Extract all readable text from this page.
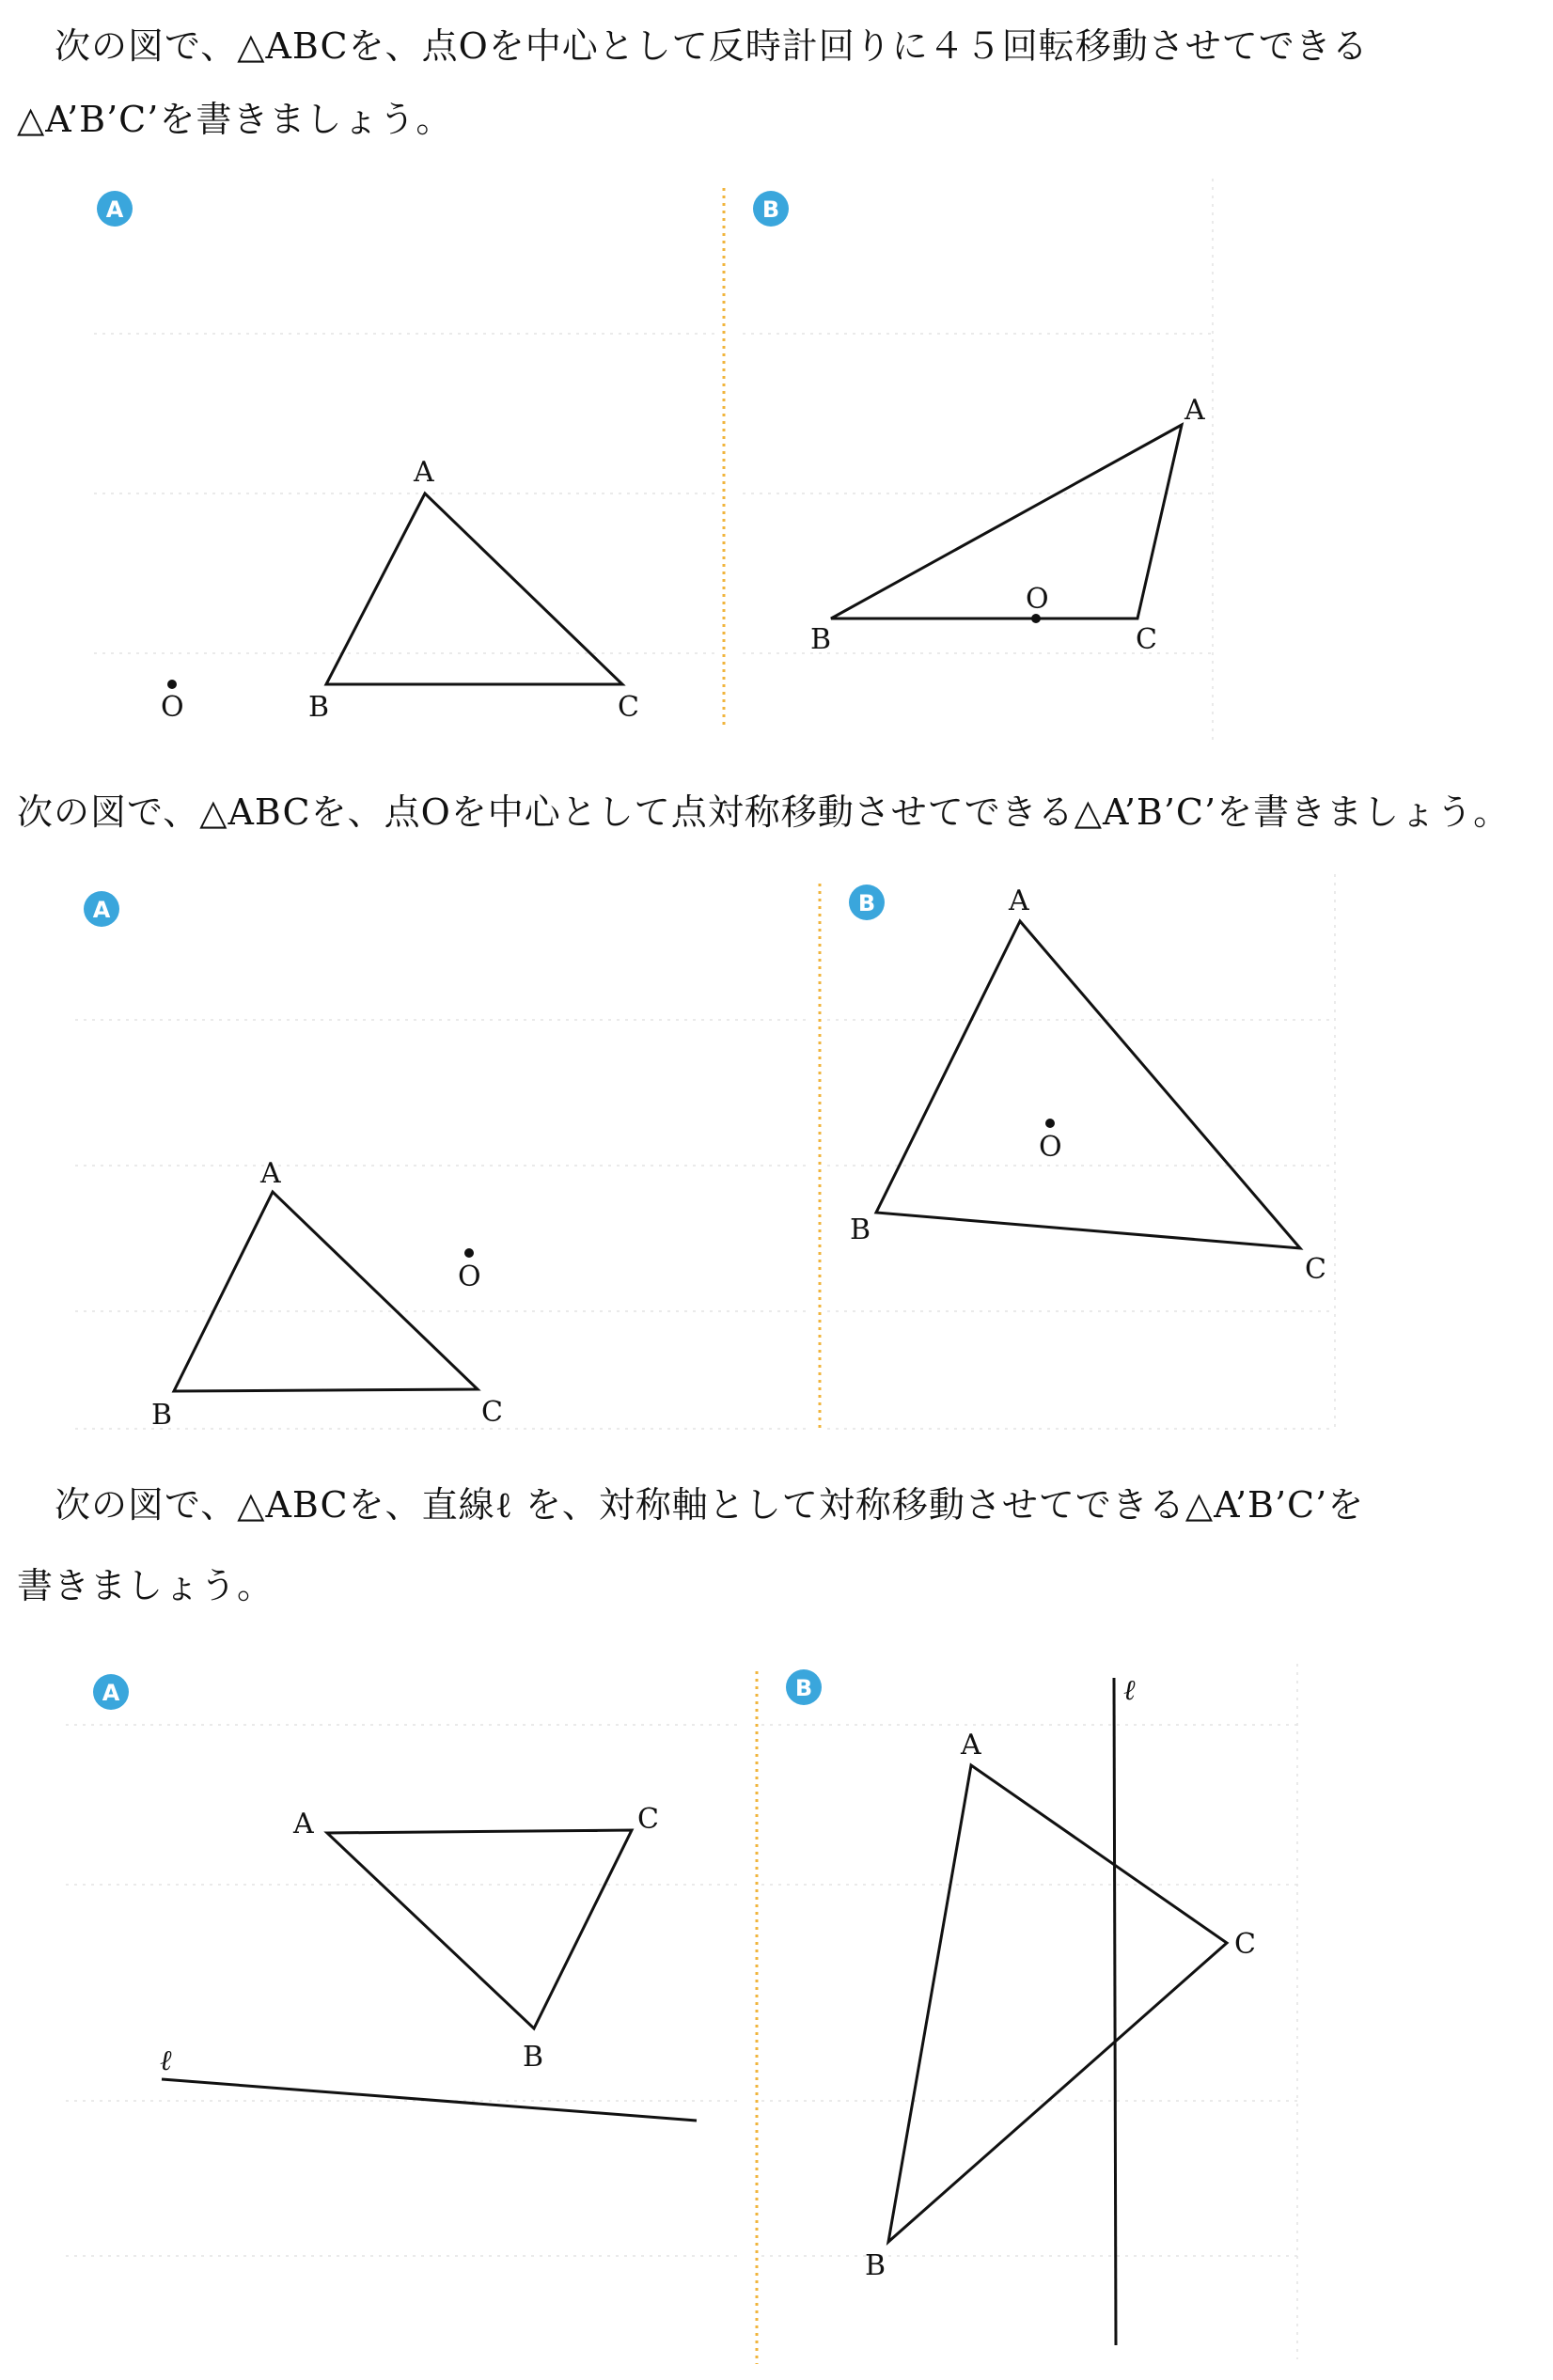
次の図で、△ABCを、点Oを中心として反時計回りに４５回転移動させてできる
△A’B’C’を書きましょう。
次の図で、△ABCを、点Oを中心として点対称移動させてできる△A’B’C’を書きましょう。
次の図で、△ABCを、直線ℓ を、対称軸として対称移動させてできる△A’B’C’を
書きましょう。
A	B
A
B	C
O
A
B	C
O
A	B
A
B	C
O
A
B
C
O
A	B
A	C
B
ℓ
A
C
B
ℓ
